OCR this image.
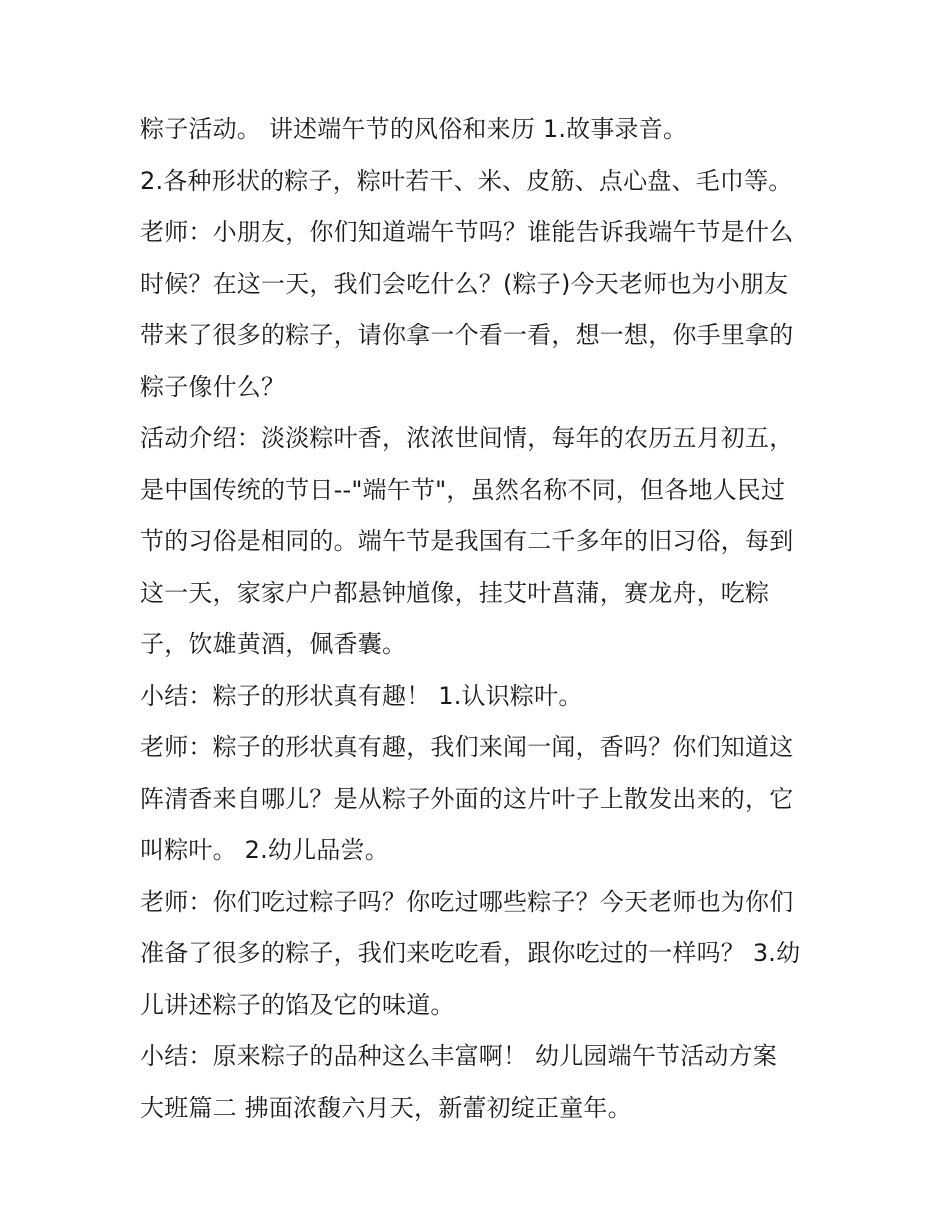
粽子活动。 讲述端午节的风俗和来历 1.故事录音。
2.各种形状的粽子，粽叶若干、米、皮筋、点心盘、毛巾等。
老师：小朋友，你们知道端午节吗？谁能告诉我端午节是什么
时候？在这一天，我们会吃什么？(粽子)今天老师也为小朋友
带来了很多的粽子，请你拿一个看一看，想一想，你手里拿的
粽子像什么？
活动介绍：淡淡粽叶香，浓浓世间情，每年的农历五月初五，
是中国传统的节日--"端午节"，虽然名称不同，但各地人民过
节的习俗是相同的。端午节是我国有二千多年的旧习俗，每到
这一天，家家户户都悬钟馗像，挂艾叶菖蒲，赛龙舟，吃粽
子，饮雄黄酒，佩香囊。
小结：粽子的形状真有趣！ 1.认识粽叶。
老师：粽子的形状真有趣，我们来闻一闻，香吗？你们知道这
阵清香来自哪儿？是从粽子外面的这片叶子上散发出来的，它
叫粽叶。 2.幼儿品尝。
老师：你们吃过粽子吗？你吃过哪些粽子？今天老师也为你们
准备了很多的粽子，我们来吃吃看，跟你吃过的一样吗？ 3.幼
儿讲述粽子的馅及它的味道。
小结：原来粽子的品种这么丰富啊！ 幼儿园端午节活动方案
大班篇二 拂面浓馥六月天，新蕾初绽正童年。
